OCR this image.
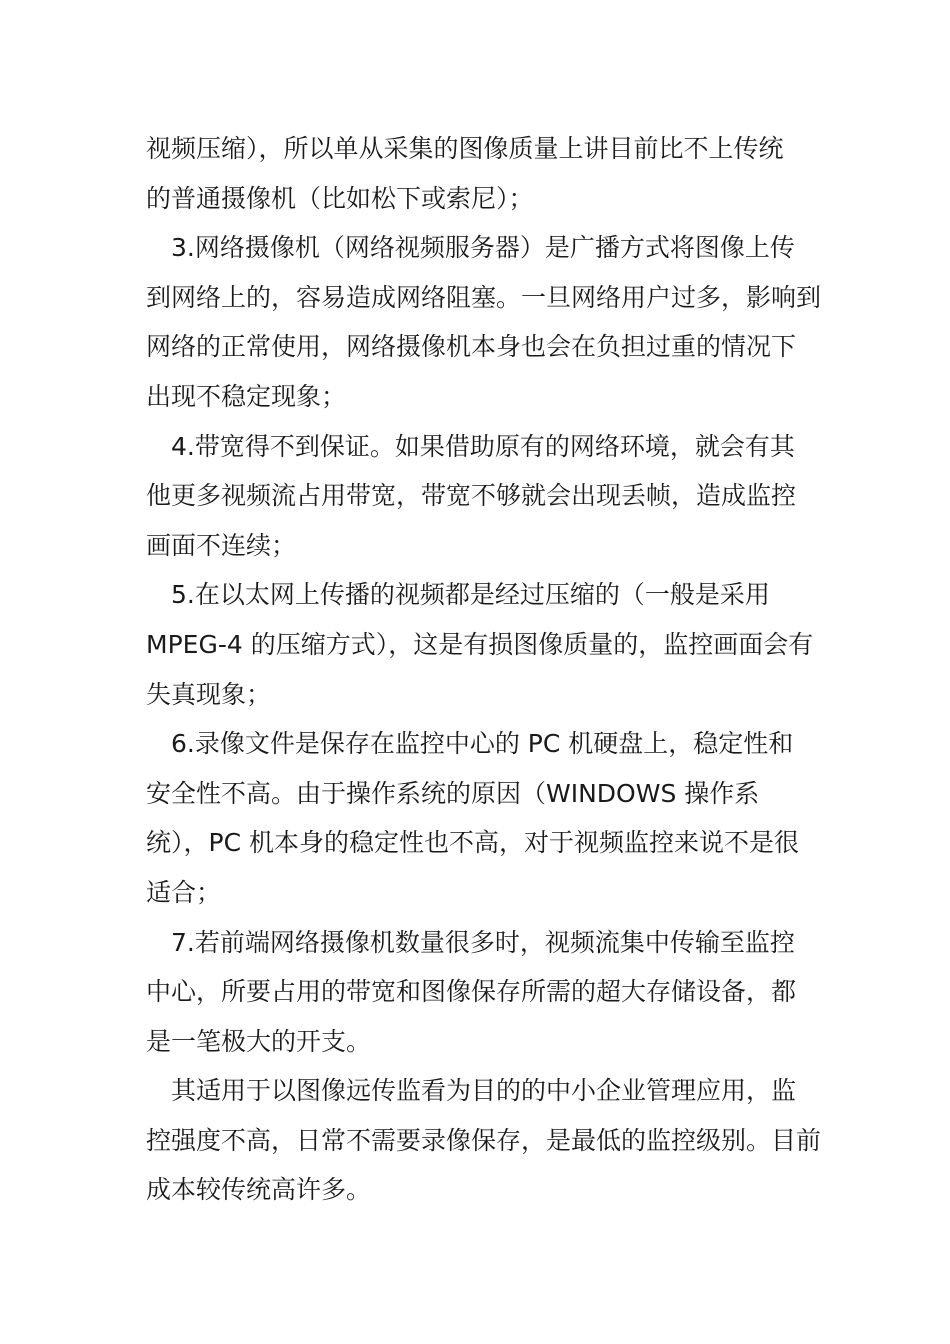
视频压缩），所以单从采集的图像质量上讲目前比不上传统
的普通摄像机（比如松下或索尼）；
3.网络摄像机（网络视频服务器）是广播方式将图像上传
到网络上的，容易造成网络阻塞。一旦网络用户过多，影响到
网络的正常使用，网络摄像机本身也会在负担过重的情况下
出现不稳定现象；
4.带宽得不到保证。如果借助原有的网络环境，就会有其
他更多视频流占用带宽，带宽不够就会出现丢帧，造成监控
画面不连续；
5.在以太网上传播的视频都是经过压缩的（一般是采用
MPEG-4 的压缩方式），这是有损图像质量的，监控画面会有
失真现象；
6.录像文件是保存在监控中心的 PC 机硬盘上，稳定性和
安全性不高。由于操作系统的原因（WINDOWS 操作系
统），PC 机本身的稳定性也不高，对于视频监控来说不是很
适合；
7.若前端网络摄像机数量很多时，视频流集中传输至监控
中心，所要占用的带宽和图像保存所需的超大存储设备，都
是一笔极大的开支。
其适用于以图像远传监看为目的的中小企业管理应用，监
控强度不高，日常不需要录像保存，是最低的监控级别。目前
成本较传统高许多。
